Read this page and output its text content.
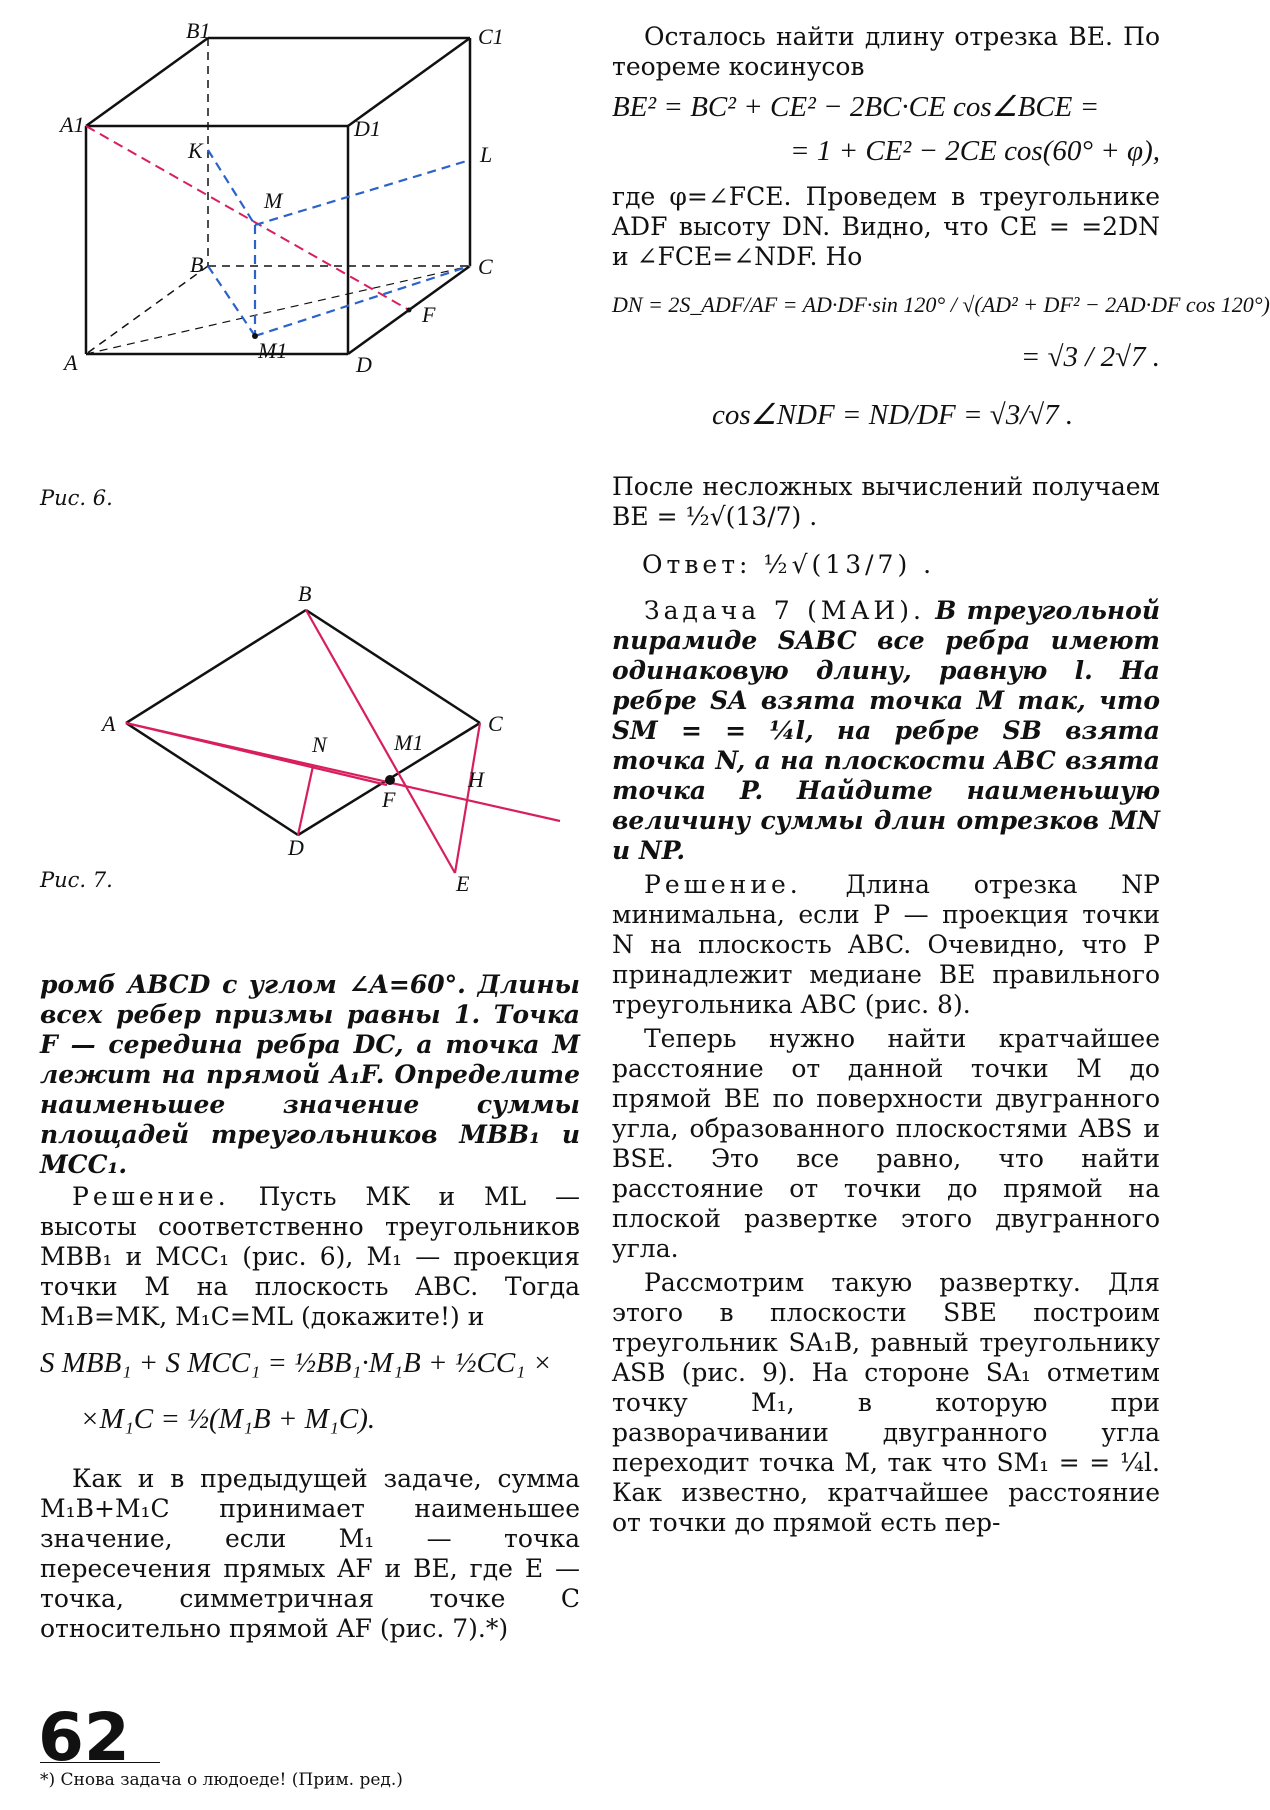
B1	C1
A1	D1
K	L
M
B	C
F
M1
A	D
Рис. 6.
B
A	C
N	M1
F
H
D
E
Рис. 7.

ромб ABCD с углом ∠A=60°. Длины всех ребер призмы равны 1. Точка F — середина ребра DC, а точка M лежит на прямой A₁F. Определите наименьшее значение суммы площадей треугольников MBB₁ и MCC₁.

Решение. Пусть MK и ML — высоты соответственно треугольников MBB₁ и MCC₁ (рис. 6), M₁ — проекция точки M на плоскость ABC. Тогда M₁B=MK, M₁C=ML (докажите!) и

S MBB₁ + S MCC₁ = ½BB₁·M₁B + ½CC₁ ×
×M₁C = ½(M₁B + M₁C).

Как и в предыдущей задаче, сумма M₁B+M₁C принимает наименьшее значение, если M₁ — точка пересечения прямых AF и BE, где E — точка, симметричная точке C относительно прямой AF (рис. 7).*)

*) Снова задача о людоеде! (Прим. ред.)
62

Осталось найти длину отрезка BE. По теореме косинусов

BE² = BC² + CE² − 2BC·CE cos∠BCE =
= 1 + CE² − 2CE cos(60° + φ),

где φ=∠FCE. Проведем в треугольнике ADF высоту DN. Видно, что CE = =2DN и ∠FCE=∠NDF. Но

DN = 2S_ADF/AF = AD·DF·sin 120° / √(AD² + DF² − 2AD·DF cos 120°)
= √3 / 2√7 .
cos∠NDF = ND/DF = √3/√7 .

После несложных вычислений получаем BE = ½√(13/7) .

Ответ: ½√(13/7) .

Задача 7 (МАИ). В треугольной пирамиде SABC все ребра имеют одинаковую длину, равную l. На ребре SA взята точка M так, что SM = = ¼l, на ребре SB взята точка N, а на плоскости ABC взята точка P. Найдите наименьшую величину суммы длин отрезков MN и NP.

Решение. Длина отрезка NP минимальна, если P — проекция точки N на плоскость ABC. Очевидно, что P принадлежит медиане BE правильного треугольника ABC (рис. 8).

Теперь нужно найти кратчайшее расстояние от данной точки M до прямой BE по поверхности двугранного угла, образованного плоскостями ABS и BSE. Это все равно, что найти расстояние от точки до прямой на плоской развертке этого двугранного угла.

Рассмотрим такую развертку. Для этого в плоскости SBE построим треугольник SA₁B, равный треугольнику ASB (рис. 9). На стороне SA₁ отметим точку M₁, в которую при разворачивании двугранного угла переходит точка M, так что SM₁ = = ¼l. Как известно, кратчайшее расстояние от точки до прямой есть пер-
